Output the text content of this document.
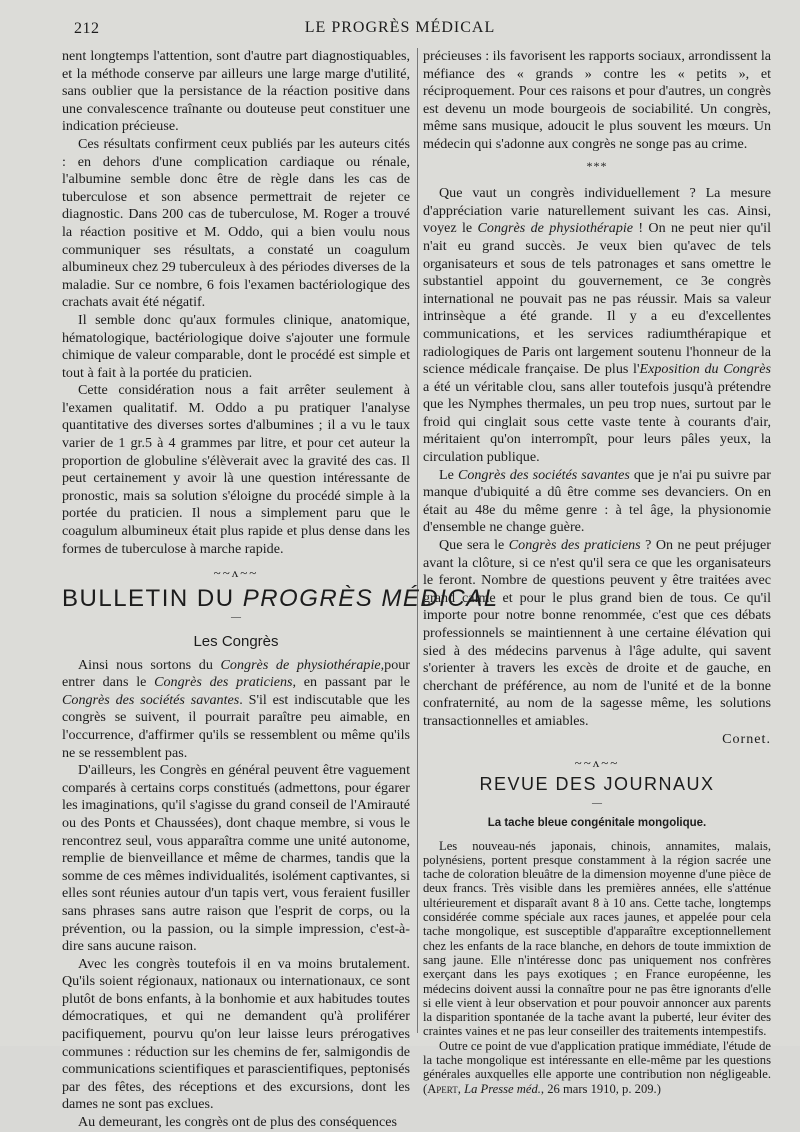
212	LE PROGRÈS MÉDICAL

nent longtemps l'attention, sont d'autre part diagnostiquables, et la méthode conserve par ailleurs une large marge d'utilité, sans oublier que la persistance de la réaction positive dans une convalescence traînante ou douteuse peut constituer une indication précieuse.

Ces résultats confirment ceux publiés par les auteurs cités : en dehors d'une complication cardiaque ou rénale, l'albumine semble donc être de règle dans les cas de tuberculose et son absence permettrait de rejeter ce diagnostic. Dans 200 cas de tuberculose, M. Roger a trouvé la réaction positive et M. Oddo, qui a bien voulu nous communiquer ses résultats, a constaté un coagulum albumineux chez 29 tuberculeux à des périodes diverses de la maladie. Sur ce nombre, 6 fois l'examen bactériologique des crachats avait été négatif.

Il semble donc qu'aux formules clinique, anatomique, hématologique, bactériologique doive s'ajouter une formule chimique de valeur comparable, dont le procédé est simple et tout à fait à la portée du praticien.

Cette considération nous a fait arrêter seulement à l'examen qualitatif. M. Oddo a pu pratiquer l'analyse quantitative des diverses sortes d'albumines ; il a vu le taux varier de 1 gr.5 à 4 grammes par litre, et pour cet auteur la proportion de globuline s'élèverait avec la gravité des cas. Il peut certainement y avoir là une question intéressante de pronostic, mais sa solution s'éloigne du procédé simple à la portée du praticien. Il nous a simplement paru que le coagulum albumineux était plus rapide et plus dense dans les formes de tuberculose à marche rapide.

~~ʌ~~
BULLETIN DU PROGRÈS MÉDICAL
—
Les Congrès

Ainsi nous sortons du Congrès de physiothérapie,pour entrer dans le Congrès des praticiens, en passant par le Congrès des sociétés savantes. S'il est indiscutable que les congrès se suivent, il pourrait paraître peu aimable, en l'occurrence, d'affirmer qu'ils se ressemblent ou même qu'ils ne se ressemblent pas.

D'ailleurs, les Congrès en général peuvent être vaguement comparés à certains corps constitués (admettons, pour égarer les imaginations, qu'il s'agisse du grand conseil de l'Amirauté ou des Ponts et Chaussées), dont chaque membre, si vous le rencontrez seul, vous apparaîtra comme une unité autonome, remplie de bienveillance et même de charmes, tandis que la somme de ces mêmes individualités, isolément captivantes, si elles sont réunies autour d'un tapis vert, vous feraient fusiller sans phrases sans autre raison que l'esprit de corps, ou la prévention, ou la passion, ou la simple impression, c'est-à-dire sans aucune raison.

Avec les congrès toutefois il en va moins brutalement. Qu'ils soient régionaux, nationaux ou internationaux, ce sont plutôt de bons enfants, à la bonhomie et aux habitudes toutes démocratiques, et qui ne demandent qu'à proliférer pacifiquement, pourvu qu'on leur laisse leurs prérogatives communes : réduction sur les chemins de fer, salmigondis de communications scientifiques et parascientifiques, peptonisés par des fêtes, des réceptions et des excursions, dont les dames ne sont pas exclues.

Au demeurant, les congrès ont de plus des conséquences

précieuses : ils favorisent les rapports sociaux, arrondissent la méfiance des « grands » contre les « petits », et réciproquement. Pour ces raisons et pour d'autres, un congrès est devenu un mode bourgeois de sociabilité. Un congrès, même sans musique, adoucit le plus souvent les mœurs. Un médecin qui s'adonne aux congrès ne songe pas au crime.

***

Que vaut un congrès individuellement ? La mesure d'appréciation varie naturellement suivant les cas. Ainsi, voyez le Congrès de physiothérapie ! On ne peut nier qu'il n'ait eu grand succès. Je veux bien qu'avec de tels organisateurs et sous de tels patronages et sans omettre le substantiel appoint du gouvernement, ce 3e congrès international ne pouvait pas ne pas réussir. Mais sa valeur intrinsèque a été grande. Il y a eu d'excellentes communications, et les services radiumthérapique et radiologiques de Paris ont largement soutenu l'honneur de la science médicale française. De plus l'Exposition du Congrès a été un véritable clou, sans aller toutefois jusqu'à prétendre que les Nymphes thermales, un peu trop nues, surtout par le froid qui cinglait sous cette vaste tente à courants d'air, méritaient qu'on interrompît, pour leurs pâles yeux, la circulation publique.

Le Congrès des sociétés savantes que je n'ai pu suivre par manque d'ubiquité a dû être comme ses devanciers. On en était au 48e du même genre : à tel âge, la physionomie d'ensemble ne change guère.

Que sera le Congrès des praticiens ? On ne peut préjuger avant la clôture, si ce n'est qu'il sera ce que les organisateurs le feront. Nombre de questions peuvent y être traitées avec grand calme et pour le plus grand bien de tous. Ce qu'il importe pour notre bonne renommée, c'est que ces débats professionnels se maintiennent à une certaine élévation qui sied à des médecins parvenus à l'âge adulte, qui savent s'orienter à travers les excès de droite et de gauche, en cherchant de préférence, au nom de l'unité et de la bonne confraternité, au nom de la sagesse même, les solutions transactionnelles et amiables.

Cornet.
~~ʌ~~
REVUE DES JOURNAUX
—
La tache bleue congénitale mongolique.

Les nouveau-nés japonais, chinois, annamites, malais, polynésiens, portent presque constamment à la région sacrée une tache de coloration bleuâtre de la dimension moyenne d'une pièce de deux francs. Très visible dans les premières années, elle s'atténue ultérieurement et disparaît avant 8 à 10 ans. Cette tache, longtemps considérée comme spéciale aux races jaunes, et appelée pour cela tache mongolique, est susceptible d'apparaître exceptionnellement chez les enfants de la race blanche, en dehors de toute immixtion de sang jaune. Elle n'intéresse donc pas uniquement nos confrères exerçant dans les pays exotiques ; en France européenne, les médecins doivent aussi la connaître pour ne pas être ignorants d'elle si elle vient à leur observation et pour pouvoir annoncer aux parents la disparition spontanée de la tache avant la puberté, leur éviter des craintes vaines et ne pas leur conseiller des traitements intempestifs.

Outre ce point de vue d'application pratique immédiate, l'étude de la tache mongolique est intéressante en elle-même par les questions générales auxquelles elle apporte une contribution non négligeable. (Apert, La Presse méd., 26 mars 1910, p. 209.)
